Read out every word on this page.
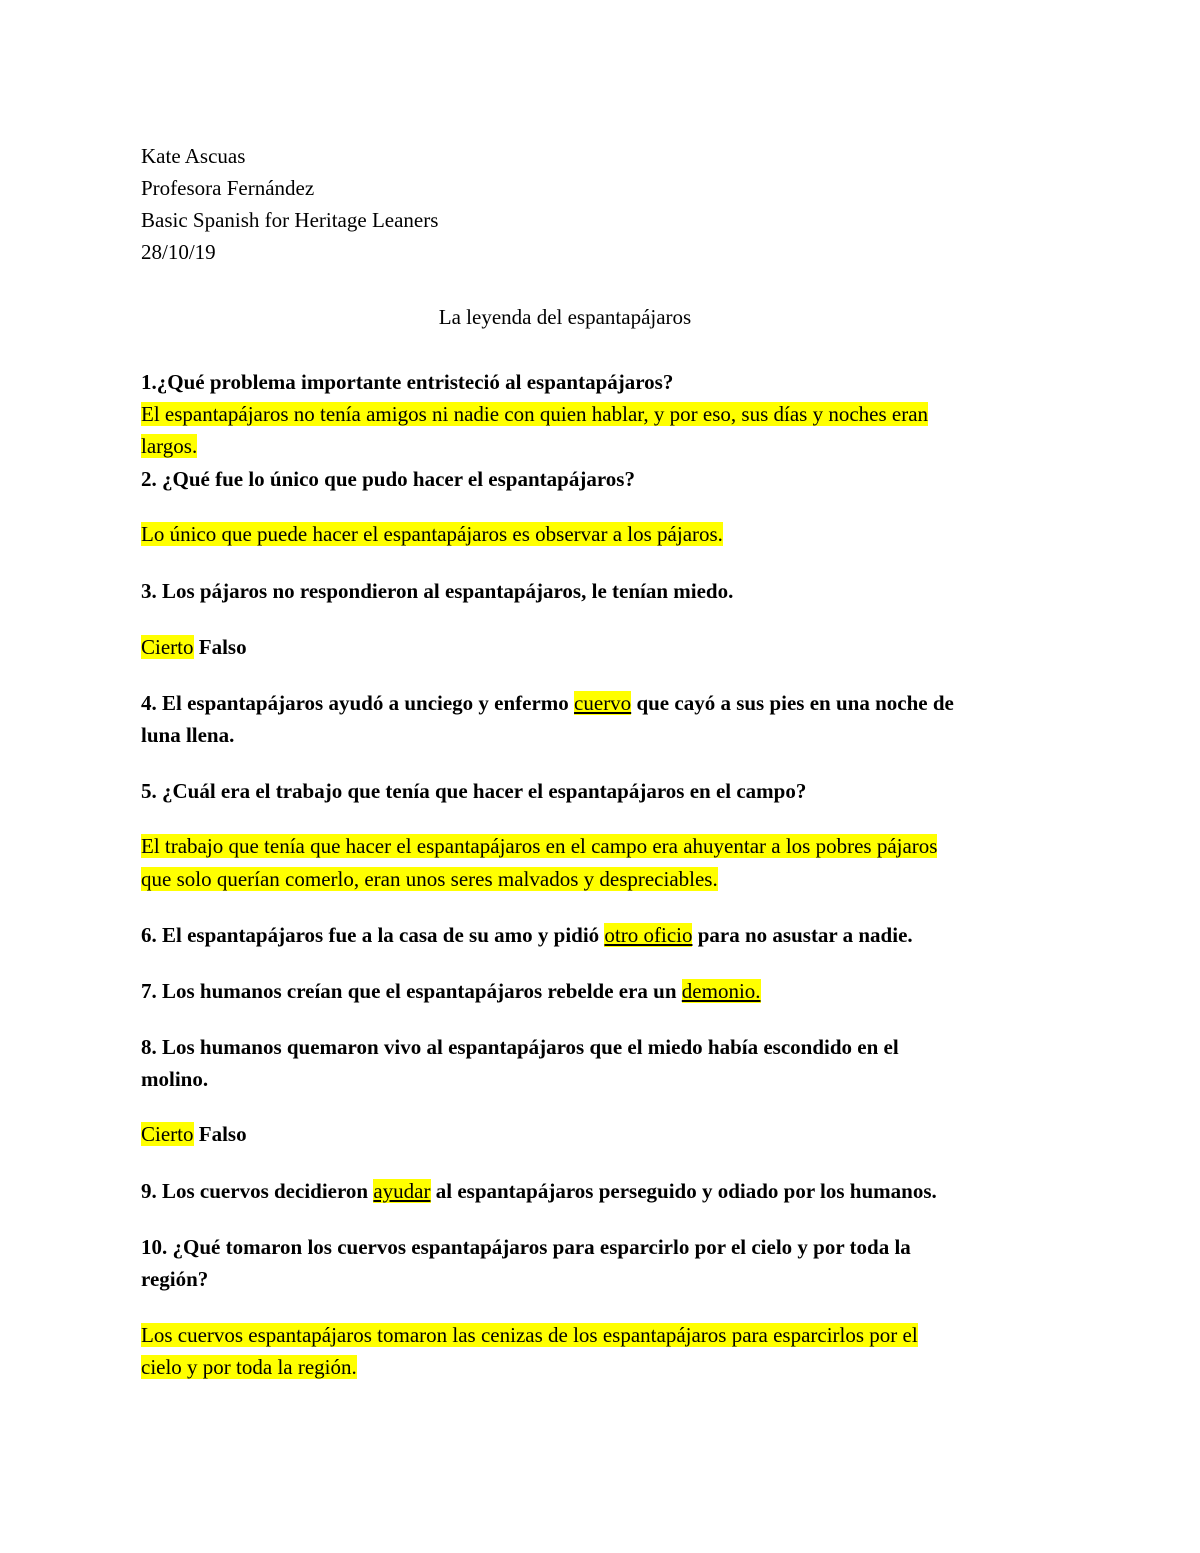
Kate Ascuas
Profesora Fernández
Basic Spanish for Heritage Leaners
28/10/19
La leyenda del espantapájaros
1.¿Qué problema importante entristeció al espantapájaros?
El espantapájaros no tenía amigos ni nadie con quien hablar, y por eso, sus días y noches eran
largos.
2. ¿Qué fue lo único que pudo hacer el espantapájaros?
Lo único que puede hacer el espantapájaros es observar a los pájaros.
3. Los pájaros no respondieron al espantapájaros, le tenían miedo.
Cierto Falso
4. El espantapájaros ayudó a unciego y enfermo cuervo que cayó a sus pies en una noche de
luna llena.
5. ¿Cuál era el trabajo que tenía que hacer el espantapájaros en el campo?
El trabajo que tenía que hacer el espantapájaros en el campo era ahuyentar a los pobres pájaros
que solo querían comerlo, eran unos seres malvados y despreciables.
6. El espantapájaros fue a la casa de su amo y pidió otro oficio para no asustar a nadie.
7. Los humanos creían que el espantapájaros rebelde era un demonio.
8. Los humanos quemaron vivo al espantapájaros que el miedo había escondido en el
molino.
Cierto Falso
9. Los cuervos decidieron ayudar al espantapájaros perseguido y odiado por los humanos.
10. ¿Qué tomaron los cuervos espantapájaros para esparcirlo por el cielo y por toda la
región?
Los cuervos espantapájaros tomaron las cenizas de los espantapájaros para esparcirlos por el
cielo y por toda la región.
